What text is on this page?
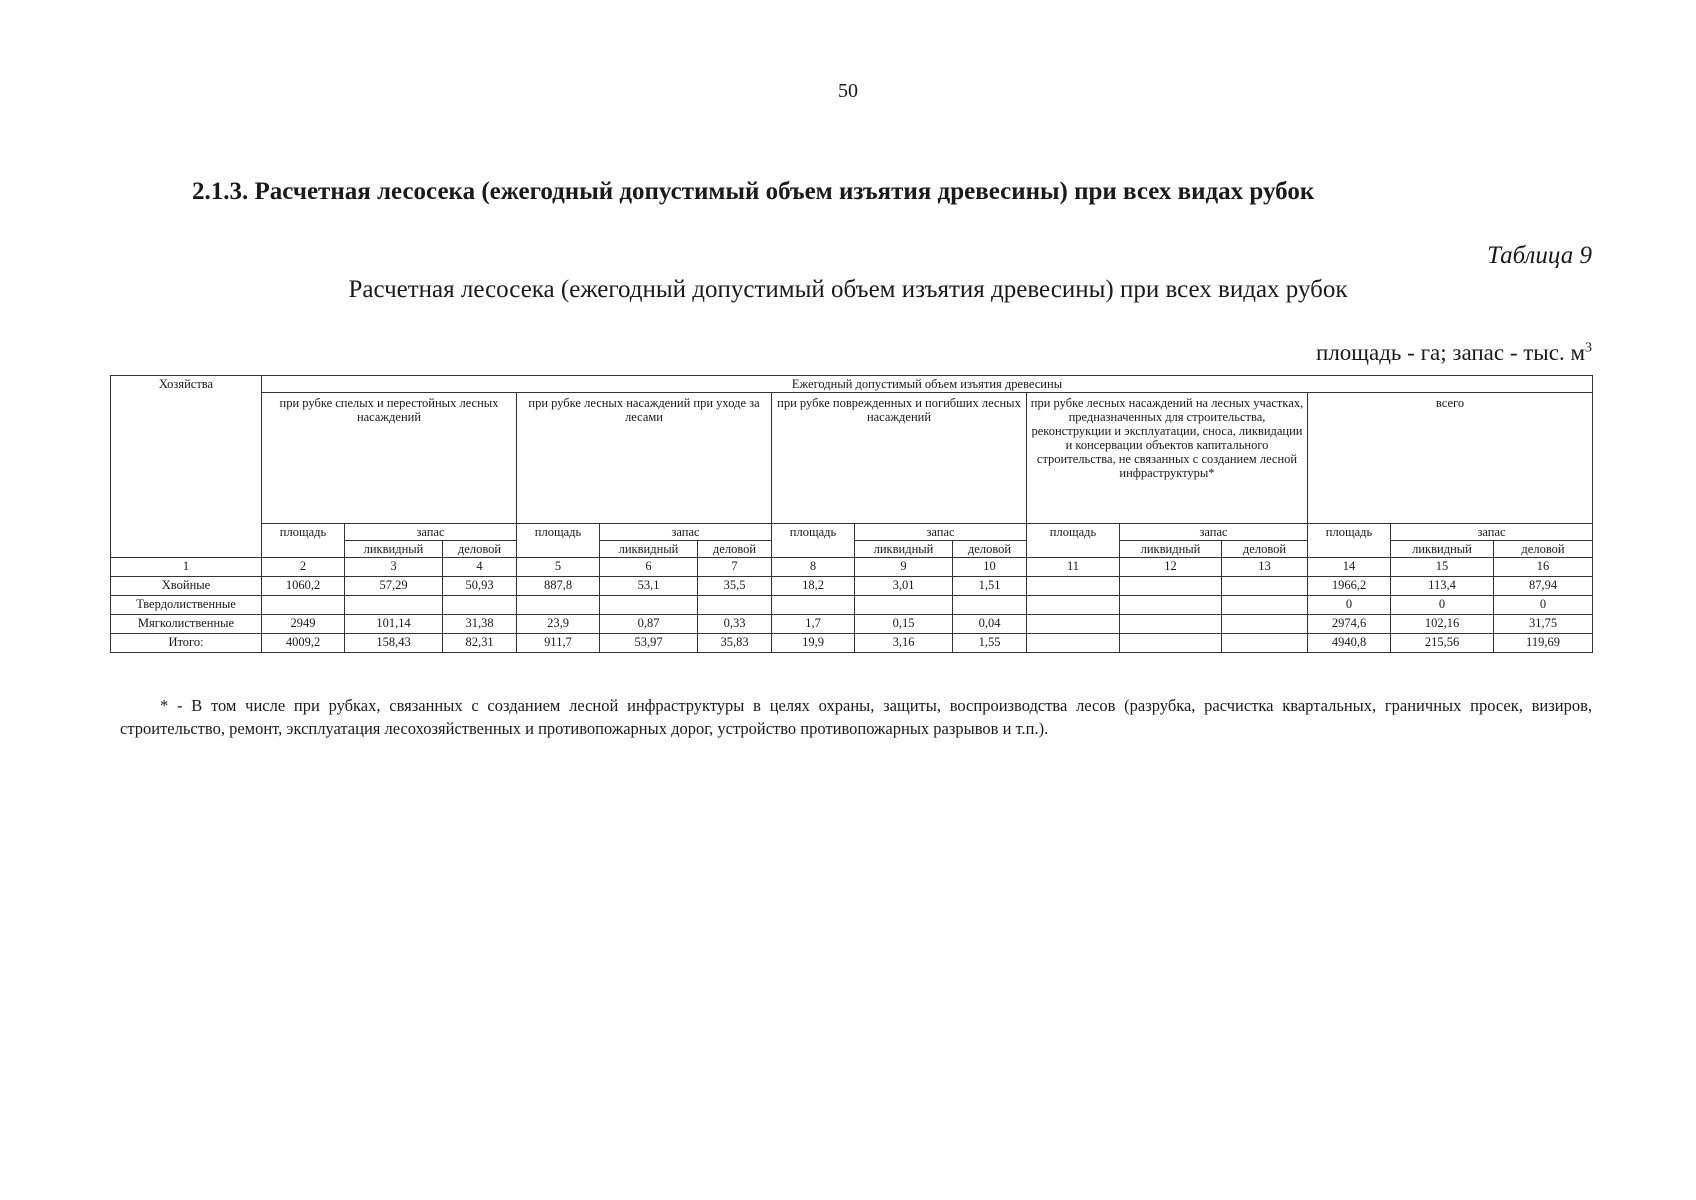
50
2.1.3. Расчетная лесосека (ежегодный допустимый объем изъятия древесины) при всех видах рубок
Таблица 9
Расчетная лесосека (ежегодный допустимый объем изъятия древесины) при всех видах рубок
площадь - га; запас - тыс. $м^3$
Хозяйства	Ежегодный допустимый объем изъятия древесины														
	при рубке спелых и перестойных лесных насаждений			при рубке лесных насаждений при уходе за лесами			при рубке поврежденных и погибших лесных насаждений			при рубке лесных насаждений на лесных участках, предназначенных для строительства, реконструкции и эксплуатации, сноса, ликвидации и консервации объектов капитального строительства, не связанных с созданием лесной инфраструктуры*			всего		
	площадь	запас		площадь	запас		площадь	запас		площадь	запас		площадь	запас	
		ликвидный	деловой		ликвидный	деловой		ликвидный	деловой		ликвидный	деловой		ликвидный	деловой
1	2	3	4	5	6	7	8	9	10	11	12	13	14	15	16
Хвойные	1060,2	57,29	50,93	887,8	53,1	35,5	18,2	3,01	1,51				1966,2	113,4	87,94
Твердолиственные													0	0	0
Мягколиственные	2949	101,14	31,38	23,9	0,87	0,33	1,7	0,15	0,04				2974,6	102,16	31,75
Итого:	4009,2	158,43	82,31	911,7	53,97	35,83	19,9	3,16	1,55				4940,8	215,56	119,69
* - В том числе при рубках, связанных с созданием лесной инфраструктуры в целях охраны, защиты, воспроизводства лесов (разрубка, расчистка квартальных, граничных просек, визиров, строительство, ремонт, эксплуатация лесохозяйственных и противопожарных дорог, устройство противопожарных разрывов и т.п.).
